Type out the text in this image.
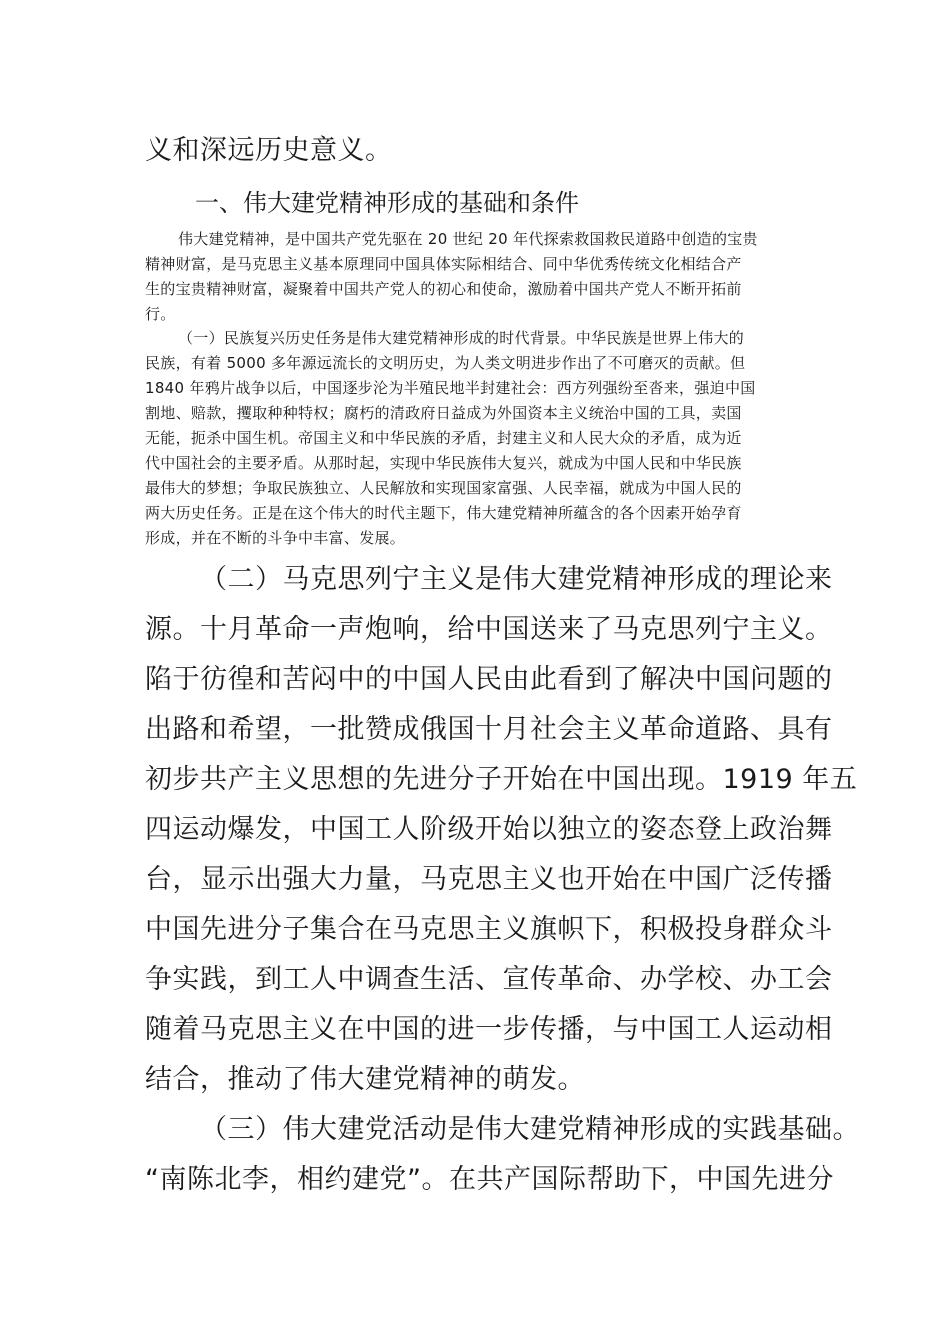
义和深远历史意义。
一、伟大建党精神形成的基础和条件
伟大建党精神，是中国共产党先驱在 20 世纪 20 年代探索救国救民道路中创造的宝贵
精神财富，是马克思主义基本原理同中国具体实际相结合、同中华优秀传统文化相结合产
生的宝贵精神财富，凝聚着中国共产党人的初心和使命，激励着中国共产党人不断开拓前
行。
（一）民族复兴历史任务是伟大建党精神形成的时代背景。中华民族是世界上伟大的
民族，有着 5000 多年源远流长的文明历史，为人类文明进步作出了不可磨灭的贡献。但
1840 年鸦片战争以后，中国逐步沦为半殖民地半封建社会：西方列强纷至沓来，强迫中国
割地、赔款，攫取种种特权；腐朽的清政府日益成为外国资本主义统治中国的工具，卖国
无能，扼杀中国生机。帝国主义和中华民族的矛盾，封建主义和人民大众的矛盾，成为近
代中国社会的主要矛盾。从那时起，实现中华民族伟大复兴，就成为中国人民和中华民族
最伟大的梦想；争取民族独立、人民解放和实现国家富强、人民幸福，就成为中国人民的
两大历史任务。正是在这个伟大的时代主题下，伟大建党精神所蕴含的各个因素开始孕育
形成，并在不断的斗争中丰富、发展。
（二）马克思列宁主义是伟大建党精神形成的理论来
源。十月革命一声炮响，给中国送来了马克思列宁主义。
陷于彷徨和苦闷中的中国人民由此看到了解决中国问题的
出路和希望，一批赞成俄国十月社会主义革命道路、具有
初步共产主义思想的先进分子开始在中国出现。1919 年五
四运动爆发，中国工人阶级开始以独立的姿态登上政治舞
台，显示出强大力量，马克思主义也开始在中国广泛传播
中国先进分子集合在马克思主义旗帜下，积极投身群众斗
争实践，到工人中调查生活、宣传革命、办学校、办工会
随着马克思主义在中国的进一步传播，与中国工人运动相
结合，推动了伟大建党精神的萌发。
（三）伟大建党活动是伟大建党精神形成的实践基础。
“南陈北李，相约建党”。在共产国际帮助下，中国先进分
